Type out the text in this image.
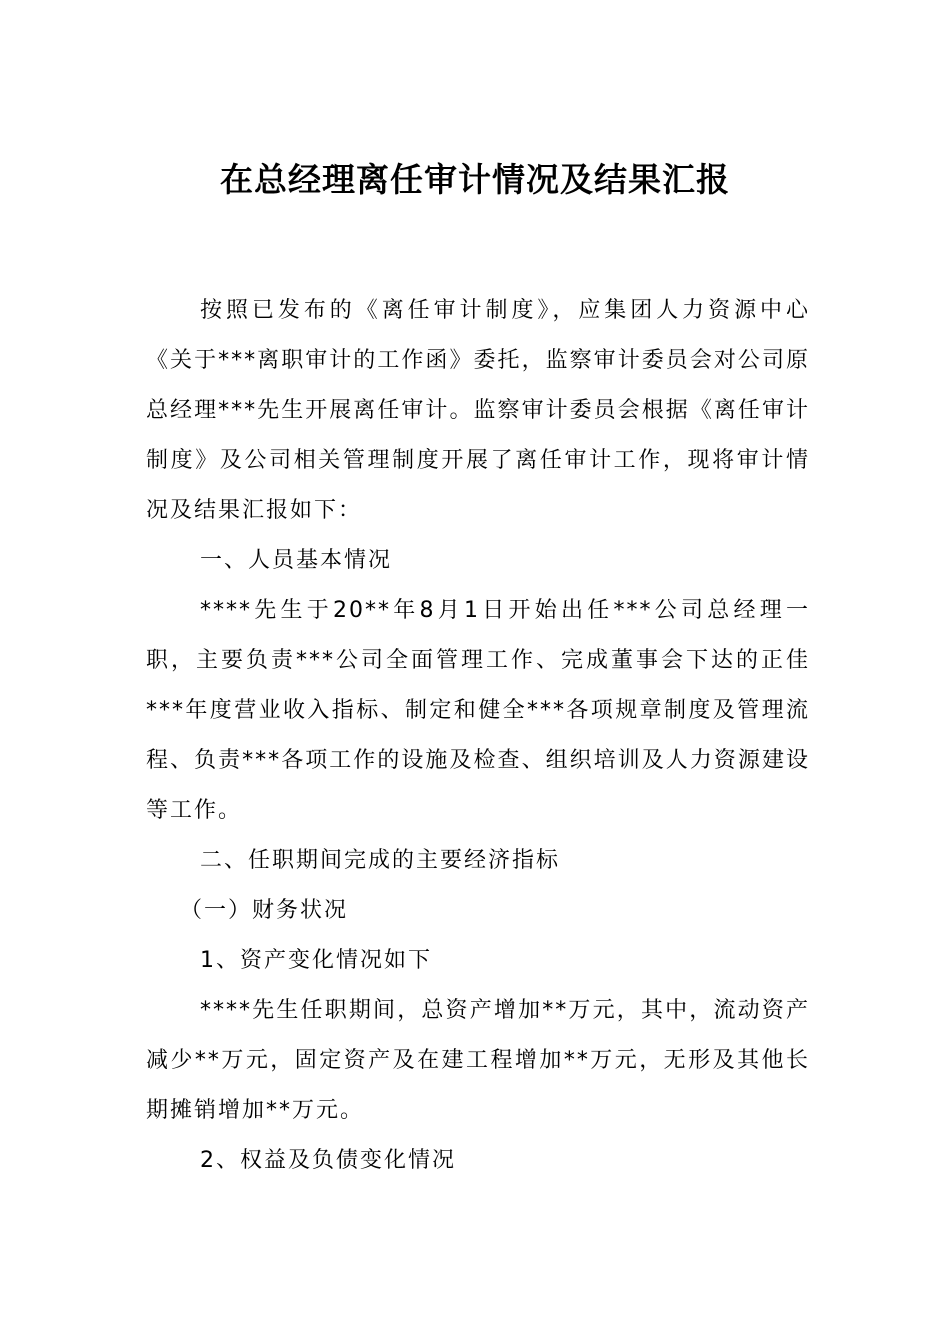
在总经理离任审计情况及结果汇报

按照已发布的《离任审计制度》，应集团人力资源中心《关于***离职审计的工作函》委托，监察审计委员会对公司原总经理***先生开展离任审计。监察审计委员会根据《离任审计制度》及公司相关管理制度开展了离任审计工作，现将审计情况及结果汇报如下：

一、人员基本情况

****先生于20**年8月1日开始出任***公司总经理一职，主要负责***公司全面管理工作、完成董事会下达的正佳***年度营业收入指标、制定和健全***各项规章制度及管理流程、负责***各项工作的设施及检查、组织培训及人力资源建设等工作。

二、任职期间完成的主要经济指标

（一）财务状况

1、资产变化情况如下

****先生任职期间，总资产增加**万元，其中，流动资产减少**万元，固定资产及在建工程增加**万元，无形及其他长期摊销增加**万元。

2、权益及负债变化情况
